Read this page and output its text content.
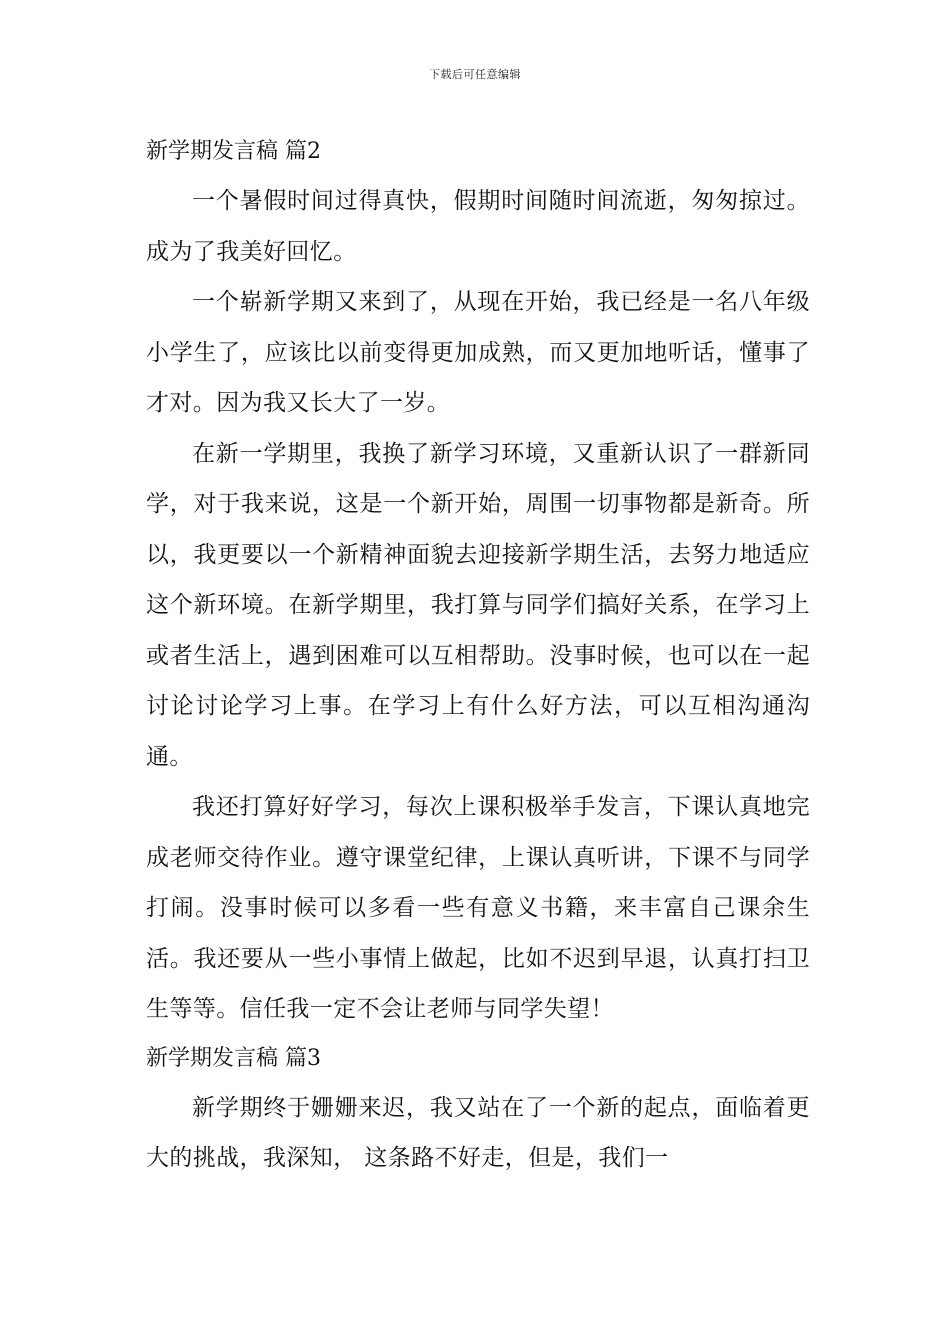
下载后可任意编辑
新学期发言稿 篇2

一个暑假时间过得真快，假期时间随时间流逝，匆匆掠过。成为了我美好回忆。

一个崭新学期又来到了，从现在开始，我已经是一名八年级小学生了，应该比以前变得更加成熟，而又更加地听话，懂事了才对。因为我又长大了一岁。

在新一学期里，我换了新学习环境，又重新认识了一群新同学，对于我来说，这是一个新开始，周围一切事物都是新奇。所以，我更要以一个新精神面貌去迎接新学期生活，去努力地适应这个新环境。在新学期里，我打算与同学们搞好关系，在学习上或者生活上，遇到困难可以互相帮助。没事时候，也可以在一起讨论讨论学习上事。在学习上有什么好方法，可以互相沟通沟通。

我还打算好好学习，每次上课积极举手发言，下课认真地完成老师交待作业。遵守课堂纪律，上课认真听讲，下课不与同学打闹。没事时候可以多看一些有意义书籍，来丰富自己课余生活。我还要从一些小事情上做起，比如不迟到早退，认真打扫卫生等等。信任我一定不会让老师与同学失望！

新学期发言稿 篇3

新学期终于姗姗来迟，我又站在了一个新的起点，面临着更大的挑战，我深知， 这条路不好走，但是，我们一
